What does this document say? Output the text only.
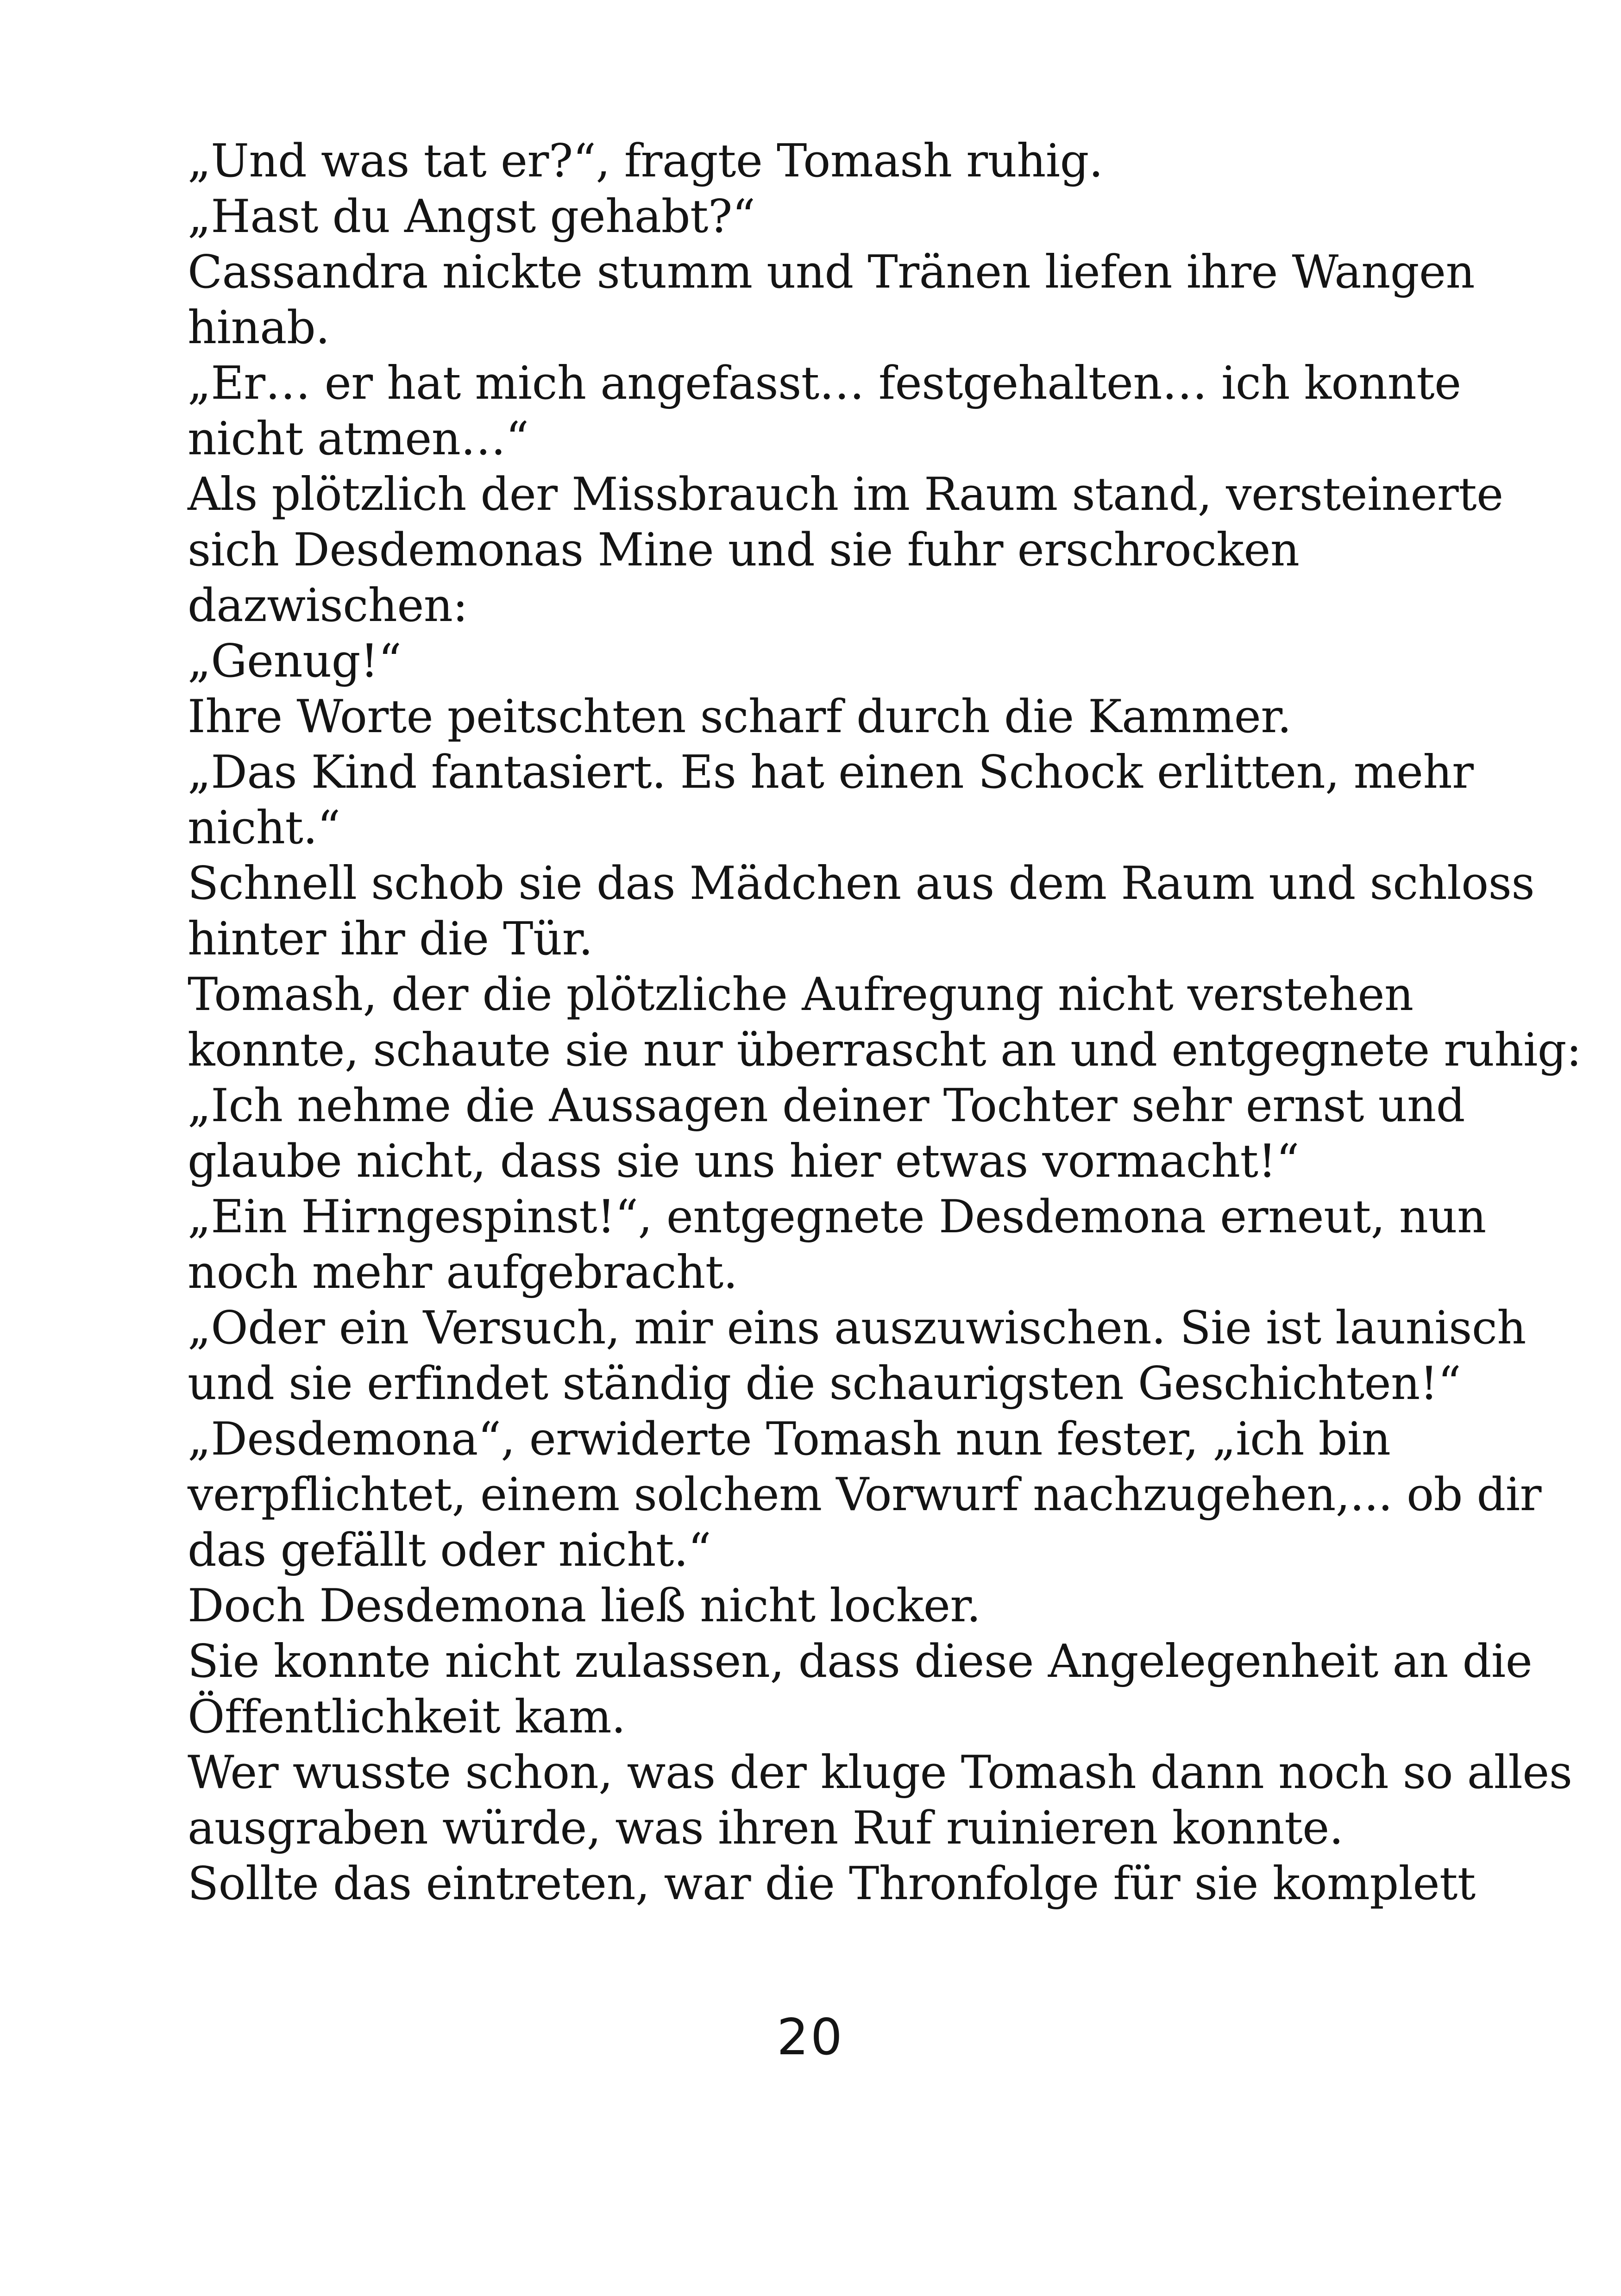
„Und was tat er?“, fragte Tomash ruhig.
„Hast du Angst gehabt?“
Cassandra nickte stumm und Tränen liefen ihre Wangen
hinab.
„Er… er hat mich angefasst… festgehalten… ich konnte
nicht atmen…“
Als plötzlich der Missbrauch im Raum stand, versteinerte
sich Desdemonas Mine und sie fuhr erschrocken
dazwischen:
„Genug!“
Ihre Worte peitschten scharf durch die Kammer.
„Das Kind fantasiert. Es hat einen Schock erlitten, mehr
nicht.“
Schnell schob sie das Mädchen aus dem Raum und schloss
hinter ihr die Tür.
Tomash, der die plötzliche Aufregung nicht verstehen
konnte, schaute sie nur überrascht an und entgegnete ruhig:
„Ich nehme die Aussagen deiner Tochter sehr ernst und
glaube nicht, dass sie uns hier etwas vormacht!“
„Ein Hirngespinst!“, entgegnete Desdemona erneut, nun
noch mehr aufgebracht.
„Oder ein Versuch, mir eins auszuwischen. Sie ist launisch
und sie erfindet ständig die schaurigsten Geschichten!“
„Desdemona“, erwiderte Tomash nun fester, „ich bin
verpflichtet, einem solchem Vorwurf nachzugehen,... ob dir
das gefällt oder nicht.“
Doch Desdemona ließ nicht locker.
Sie konnte nicht zulassen, dass diese Angelegenheit an die
Öffentlichkeit kam.
Wer wusste schon, was der kluge Tomash dann noch so alles
ausgraben würde, was ihren Ruf ruinieren konnte.
Sollte das eintreten, war die Thronfolge für sie komplett
20
